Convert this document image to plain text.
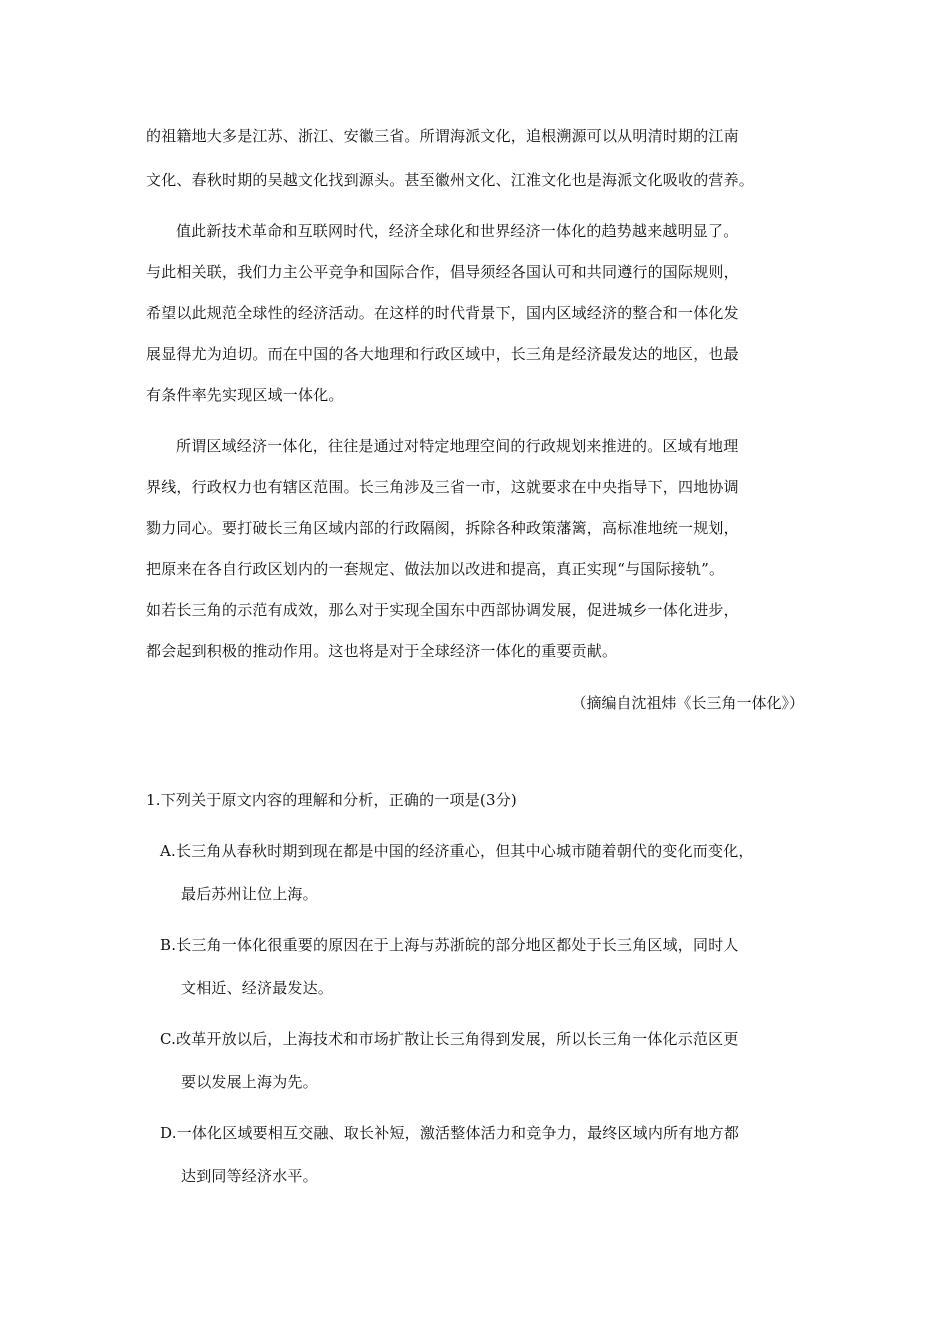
的祖籍地大多是江苏、浙江、安徽三省。所谓海派文化，追根溯源可以从明清时期的江南
文化、春秋时期的吴越文化找到源头。甚至徽州文化、江淮文化也是海派文化吸收的营养。
值此新技术革命和互联网时代，经济全球化和世界经济一体化的趋势越来越明显了。
与此相关联，我们力主公平竞争和国际合作，倡导须经各国认可和共同遵行的国际规则，
希望以此规范全球性的经济活动。在这样的时代背景下，国内区域经济的整合和一体化发
展显得尤为迫切。而在中国的各大地理和行政区域中，长三角是经济最发达的地区，也最
有条件率先实现区域一体化。
所谓区域经济一体化，往往是通过对特定地理空间的行政规划来推进的。区域有地理
界线，行政权力也有辖区范围。长三角涉及三省一市，这就要求在中央指导下，四地协调
勠力同心。要打破长三角区域内部的行政隔阂，拆除各种政策藩篱，高标准地统一规划，
把原来在各自行政区划内的一套规定、做法加以改进和提高，真正实现“与国际接轨”。
如若长三角的示范有成效，那么对于实现全国东中西部协调发展，促进城乡一体化进步，
都会起到积极的推动作用。这也将是对于全球经济一体化的重要贡献。
（摘编自沈祖炜《长三角一体化》）
1.下列关于原文内容的理解和分析，正确的一项是(3分)
A.长三角从春秋时期到现在都是中国的经济重心，但其中心城市随着朝代的变化而变化，
最后苏州让位上海。
B.长三角一体化很重要的原因在于上海与苏浙皖的部分地区都处于长三角区域，同时人
文相近、经济最发达。
C.改革开放以后，上海技术和市场扩散让长三角得到发展，所以长三角一体化示范区更
要以发展上海为先。
D.一体化区域要相互交融、取长补短，激活整体活力和竞争力，最终区域内所有地方都
达到同等经济水平。
